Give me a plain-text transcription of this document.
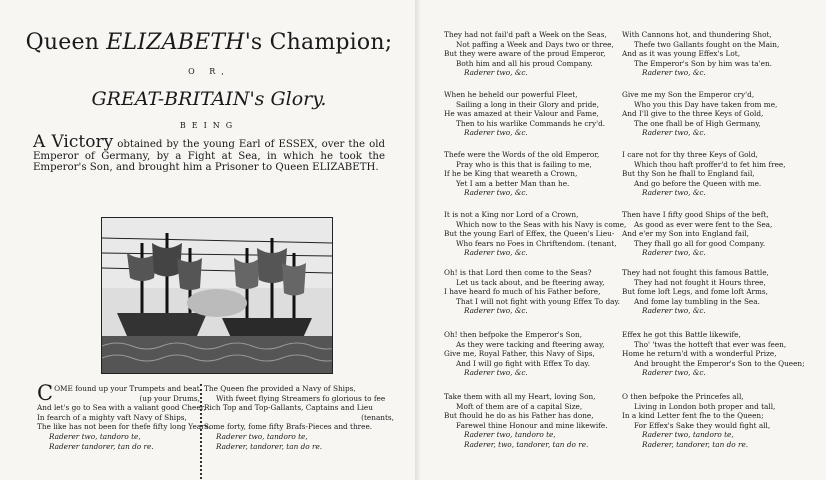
Queen ELIZABETH's Champion;
O R,
GREAT-BRITAIN's Glory.
BEING
A Victory obtained by the young Earl of ESSEX, over the old Emperor of Germany, by a Fight at Sea, in which he took the Emperor's Son, and brought him a Prisoner to Queen ELIZABETH.
C OME found up your Trumpets and beat
(up your Drums,
And let's go to Sea with a valiant good Cheer,
In fearch of a mighty vaft Navy of Ships,
The like has not been for thefe fifty long Years.
Raderer two, tandoro te,
Raderer tandorer, tan do re.
The Queen fhe provided a Navy of Ships,
With fweet flying Streamers fo glorious to fee
Rich Top and Top-Gallants, Captains and Lieu
(tenants,
Some forty, fome fifty Brafs-Pieces and three.
Raderer two, tandoro te,
Raderer, tandorer, tan do re.
They had not fail'd paft a Week on the Seas,
Not paffing a Week and Days two or three,
But they were aware of the proud Emperor,
Both him and all his proud Company.
Raderer two, &c.
When he beheld our powerful Fleet,
Sailing a long in their Glory and pride,
He was amazed at their Valour and Fame,
Then to his warlike Commands he cry'd.
Raderer two, &c.
Thefe were the Words of the old Emperor,
Pray who is this that is failing to me,
If he be King that weareth a Crown,
Yet I am a better Man than he.
Raderer two, &c.
It is not a King nor Lord of a Crown,
Which now to the Seas with his Navy is come,
But the young Earl of Effex, the Queen's Lieu-
Who fears no Foes in Chriftendom. (tenant,
Raderer two, &c.
Oh! is that Lord then come to the Seas?
Let us tack about, and be fteering away,
I have heard fo much of his Father before,
That I will not fight with young Effex To day.
Raderer two, &c.
Oh! then befpoke the Emperor's Son,
As they were tacking and fteering away,
Give me, Royal Father, this Navy of Sips,
And I will go fight with Effex To day.
Raderer two, &c.
Take them with all my Heart, loving Son,
Moft of them are of a capital Size,
But fhould he do as his Father has done,
Farewel thine Honour and mine likewife.
Raderer two, tandoro te,
Raderer, two, tandorer, tan do re.
With Cannons hot, and thundering Shot,
Thefe two Gallants fought on the Main,
And as it was young Effex's Lot,
The Emperor's Son by him was ta'en.
Raderer two, &c.
Give me my Son the Emperor cry'd,
Who you this Day have taken from me,
And I'll give to the three Keys of Gold,
The one fhall be of High Germany,
Raderer two, &c.
I care not for thy three Keys of Gold,
Which thou haft proffer'd to fet him free,
But thy Son he fhall to England fail,
And go before the Queen with me.
Raderer two, &c.
Then have I fifty good Ships of the beft,
As good as ever were fent to the Sea,
And e'er my Son into England fail,
They fhall go all for good Company.
Raderer two, &c.
They had not fought this famous Battle,
They had not fought it Hours three,
But fome loft Legs, and fome loft Arms,
And fome lay tumbling in the Sea.
Raderer two, &c.
Effex he got this Battle likewife,
Tho' 'twas the hotteft that ever was feen,
Home he return'd with a wonderful Prize,
And brought the Emperor's Son to the Queen;
Raderer two, &c.
O then befpoke the Princefes all,
Living in London both proper and tall,
In a kind Letter fent fhe to the Queen;
For Effex's Sake they would fight all,
Raderer two, tandoro te,
Raderer, tandorer, tan do re.
